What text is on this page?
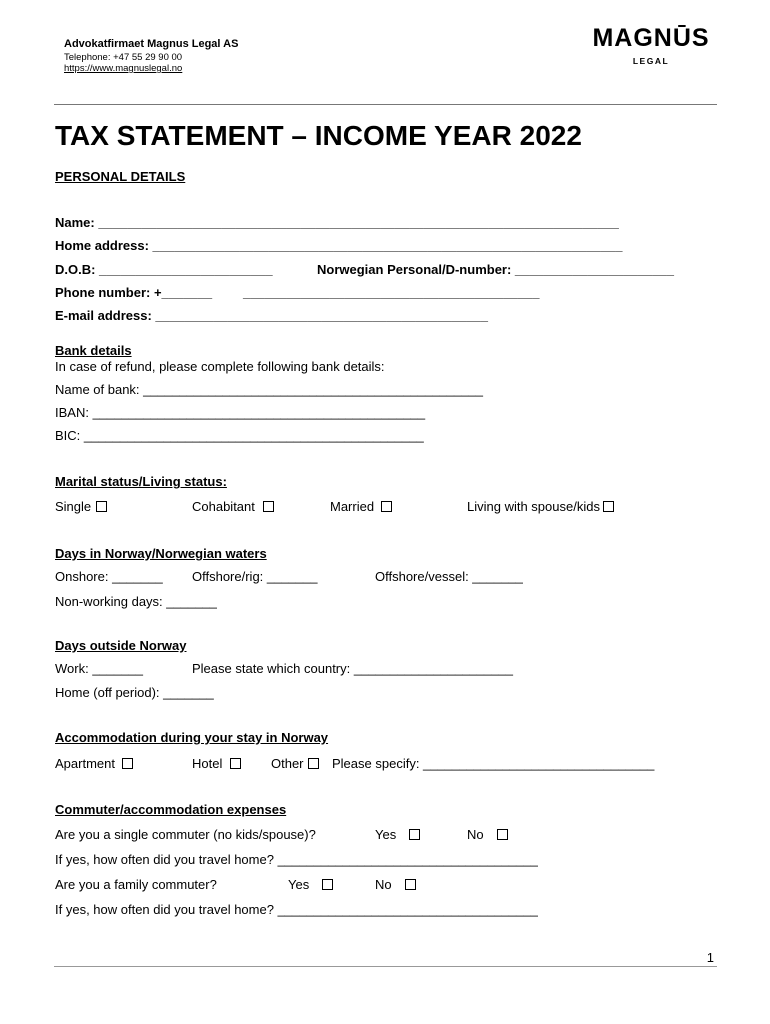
Advokatfirmaet Magnus Legal AS
Telephone: +47 55 29 90 00
https://www.magnuslegal.no
MAGNŪS
LEGAL
TAX STATEMENT – INCOME YEAR 2022
PERSONAL DETAILS
Name: ________________________________________________________________________
Home address: _________________________________________________________________
D.O.B: ________________________	Norwegian Personal/D-number: ______________________
Phone number: +_______ _________________________________________
E-mail address: ______________________________________________
Bank details
In case of refund, please complete following bank details:
Name of bank: _______________________________________________
IBAN: ______________________________________________
BIC: _______________________________________________
Marital status/Living status:
Single	Cohabitant	Married	Living with spouse/kids
Days in Norway/Norwegian waters
Onshore: _______ Offshore/rig: _______	Offshore/vessel: _______
Non-working days: _______
Days outside Norway
Work: _______	Please state which country: ______________________
Home (off period): _______
Accommodation during your stay in Norway
Apartment	Hotel	Other	Please specify: ________________________________
Commuter/accommodation expenses
Are you a single commuter (no kids/spouse)?	Yes	No
If yes, how often did you travel home? ____________________________________
Are you a family commuter?	Yes	No
If yes, how often did you travel home? ____________________________________
1
